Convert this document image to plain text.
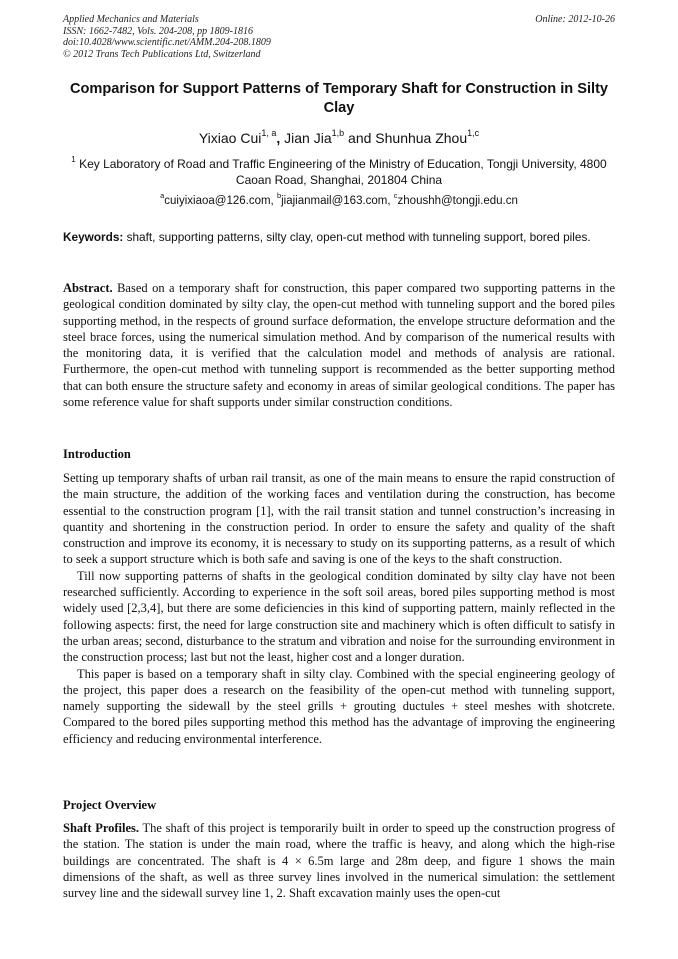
Applied Mechanics and Materials
ISSN: 1662-7482, Vols. 204-208, pp 1809-1816
doi:10.4028/www.scientific.net/AMM.204-208.1809
© 2012 Trans Tech Publications Ltd, Switzerland
Online: 2012-10-26
Comparison for Support Patterns of Temporary Shaft for Construction in Silty Clay
Yixiao Cui$^{1, a}$, Jian Jia$^{1,b}$ and Shunhua Zhou$^{1,c}$
$^1$ Key Laboratory of Road and Traffic Engineering of the Ministry of Education, Tongji University, 4800 Caoan Road, Shanghai, 201804 China
$^a$cuiyixiaoa@126.com, $^b$jiajianmail@163.com, $^c$zhoushh@tongji.edu.cn
Keywords: shaft, supporting patterns, silty clay, open-cut method with tunneling support, bored piles.

Abstract. Based on a temporary shaft for construction, this paper compared two supporting patterns in the geological condition dominated by silty clay, the open-cut method with tunneling support and the bored piles supporting method, in the respects of ground surface deformation, the envelope structure deformation and the steel brace forces, using the numerical simulation method. And by comparison of the numerical results with the monitoring data, it is verified that the calculation model and methods of analysis are rational. Furthermore, the open-cut method with tunneling support is recommended as the better supporting method that can both ensure the structure safety and economy in areas of similar geological conditions. The paper has some reference value for shaft supports under similar construction conditions.

Introduction

Setting up temporary shafts of urban rail transit, as one of the main means to ensure the rapid construction of the main structure, the addition of the working faces and ventilation during the construction, has become essential to the construction program [1], with the rail transit station and tunnel construction’s increasing in quantity and shortening in the construction period. In order to ensure the safety and quality of the shaft construction and improve its economy, it is necessary to study on its supporting patterns, as a result of which to seek a support structure which is both safe and saving is one of the keys to the shaft construction.

Till now supporting patterns of shafts in the geological condition dominated by silty clay have not been researched sufficiently. According to experience in the soft soil areas, bored piles supporting method is most widely used [2,3,4], but there are some deficiencies in this kind of supporting pattern, mainly reflected in the following aspects: first, the need for large construction site and machinery which is often difficult to satisfy in the urban areas; second, disturbance to the stratum and vibration and noise for the surrounding environment in the construction process; last but not the least, higher cost and a longer duration.

This paper is based on a temporary shaft in silty clay. Combined with the special engineering geology of the project, this paper does a research on the feasibility of the open-cut method with tunneling support, namely supporting the sidewall by the steel grills + grouting ductules + steel meshes with shotcrete. Compared to the bored piles supporting method this method has the advantage of improving the engineering efficiency and reducing environmental interference.

Project Overview

Shaft Profiles. The shaft of this project is temporarily built in order to speed up the construction progress of the station. The station is under the main road, where the traffic is heavy, and along which the high-rise buildings are concentrated. The shaft is 4 × 6.5m large and 28m deep, and figure 1 shows the main dimensions of the shaft, as well as three survey lines involved in the numerical simulation: the settlement survey line and the sidewall survey line 1, 2. Shaft excavation mainly uses the open-cut
